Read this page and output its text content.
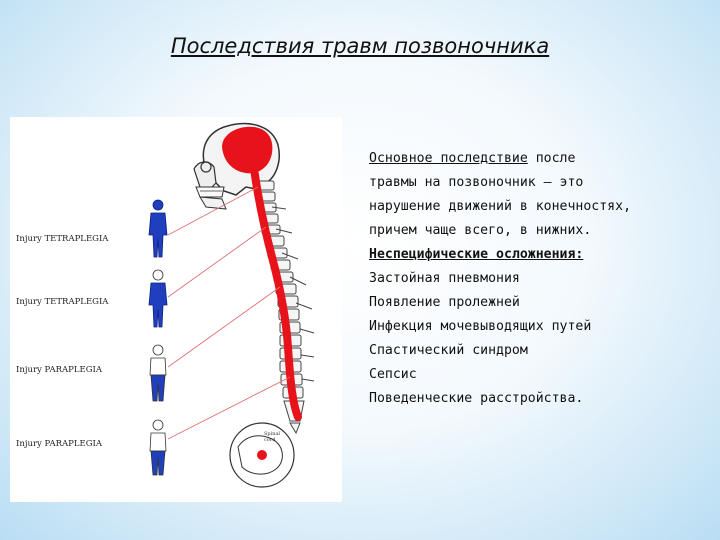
Последствия травм позвоночника
Spinal
cord
Injury TETRAPLEGIA
Injury TETRAPLEGIA
Injury PARAPLEGIA
Injury PARAPLEGIA
Основное последствие после
травмы на позвоночник — это
нарушение движений в конечностях,
причем чаще всего, в нижних.
Неспецифические осложнения:
Застойная пневмония
Появление пролежней
Инфекция мочевыводящих путей
Спастический синдром
Сепсис
Поведенческие расстройства.
